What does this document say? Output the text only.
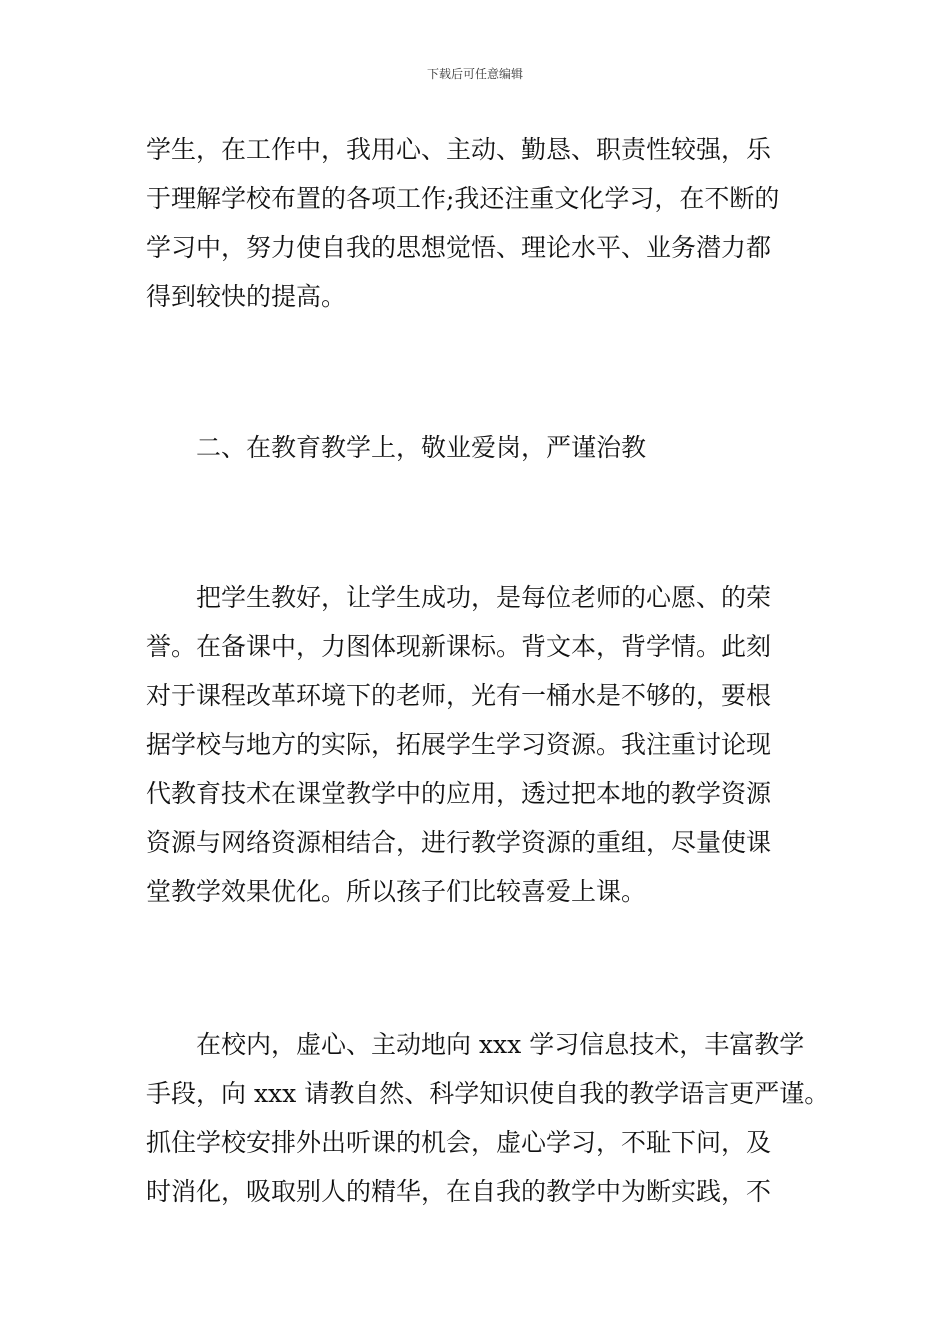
下载后可任意编辑
学生，在工作中，我用心、主动、勤恳、职责性较强，乐
于理解学校布置的各项工作;我还注重文化学习，在不断的
学习中，努力使自我的思想觉悟、理论水平、业务潜力都
得到较快的提高。
　　二、在教育教学上，敬业爱岗，严谨治教
　　把学生教好，让学生成功，是每位老师的心愿、的荣
誉。在备课中，力图体现新课标。背文本，背学情。此刻
对于课程改革环境下的老师，光有一桶水是不够的，要根
据学校与地方的实际，拓展学生学习资源。我注重讨论现
代教育技术在课堂教学中的应用，透过把本地的教学资源
资源与网络资源相结合，进行教学资源的重组，尽量使课
堂教学效果优化。所以孩子们比较喜爱上课。
　　在校内，虚心、主动地向 xxx 学习信息技术，丰富教学
手段，向 xxx 请教自然、科学知识使自我的教学语言更严谨。
抓住学校安排外出听课的机会，虚心学习，不耻下问，及
时消化，吸取别人的精华，在自我的教学中为断实践，不
